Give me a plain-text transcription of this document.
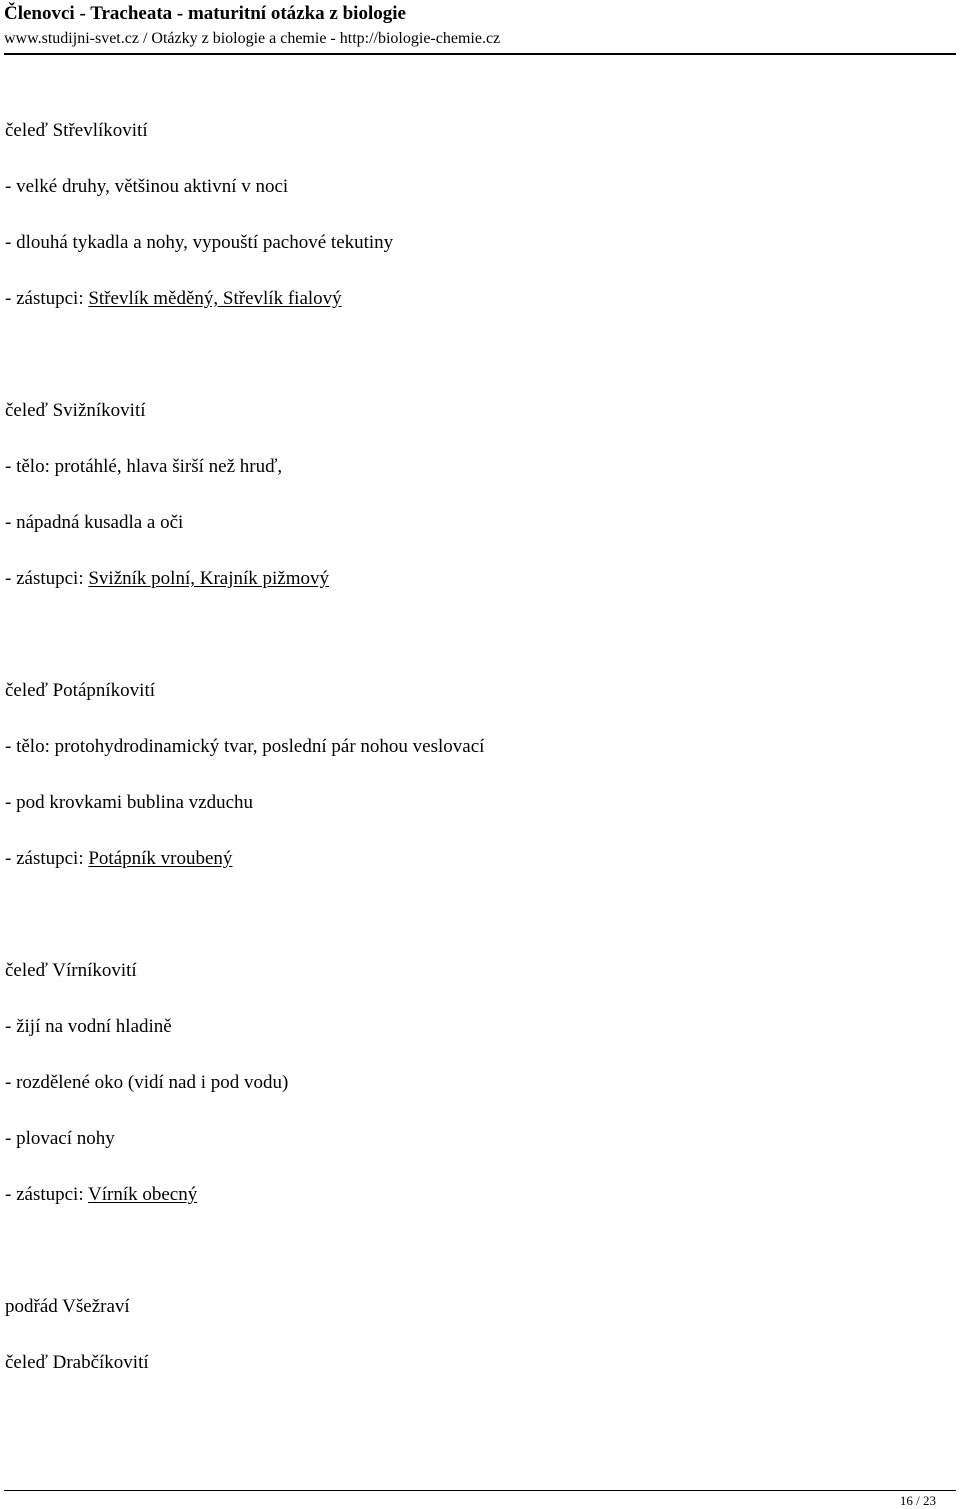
Členovci - Tracheata - maturitní otázka z biologie
www.studijni-svet.cz / Otázky z biologie a chemie - http://biologie-chemie.cz
čeleď Střevlíkovití
- velké druhy, většinou aktivní v noci
- dlouhá tykadla a nohy, vypouští pachové tekutiny
- zástupci: Střevlík měděný, Střevlík fialový
čeleď Svižníkovití
- tělo: protáhlé, hlava širší než hruď,
- nápadná kusadla a oči
- zástupci: Svižník polní, Krajník pižmový
čeleď Potápníkovití
- tělo: protohydrodinamický tvar, poslední pár nohou veslovací
- pod krovkami bublina vzduchu
- zástupci: Potápník vroubený
čeleď Vírníkovití
- žijí na vodní hladině
- rozdělené oko (vidí nad i pod vodu)
- plovací nohy
- zástupci: Vírník obecný
podřád Všežraví
čeleď Drabčíkovití
16 / 23
